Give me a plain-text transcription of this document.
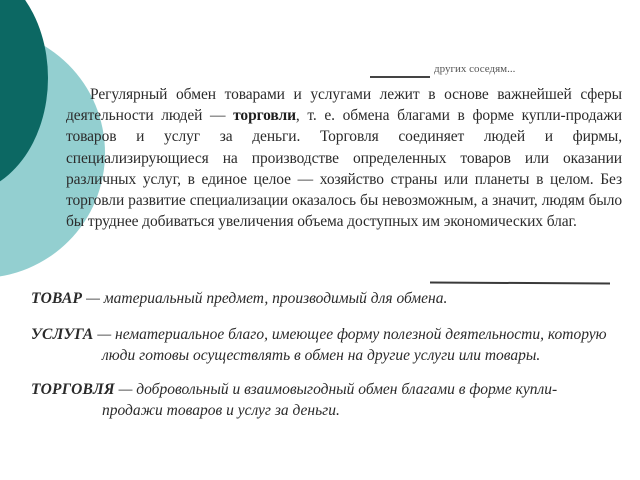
других соседям...

Регулярный обмен товарами и услугами лежит в основе важнейшей сферы деятельности людей — торговли, т. е. обмена благами в форме купли-продажи товаров и услуг за деньги. Торговля соединяет людей и фирмы, специализирующиеся на производстве определенных товаров или оказании различных услуг, в единое целое — хозяйство страны или планеты в целом. Без торговли развитие специализации оказалось бы невозможным, а значит, людям было бы труднее добиваться увеличения объема доступных им экономических благ.

ТОВАР — материальный предмет, производимый для обмена.

УСЛУГА — нематериальное благо, имеющее форму полезной деятельности, которую
люди готовы осуществлять в обмен на другие услуги или товары.

ТОРГОВЛЯ — добровольный и взаимовыгодный обмен благами в форме купли-
продажи товаров и услуг за деньги.
